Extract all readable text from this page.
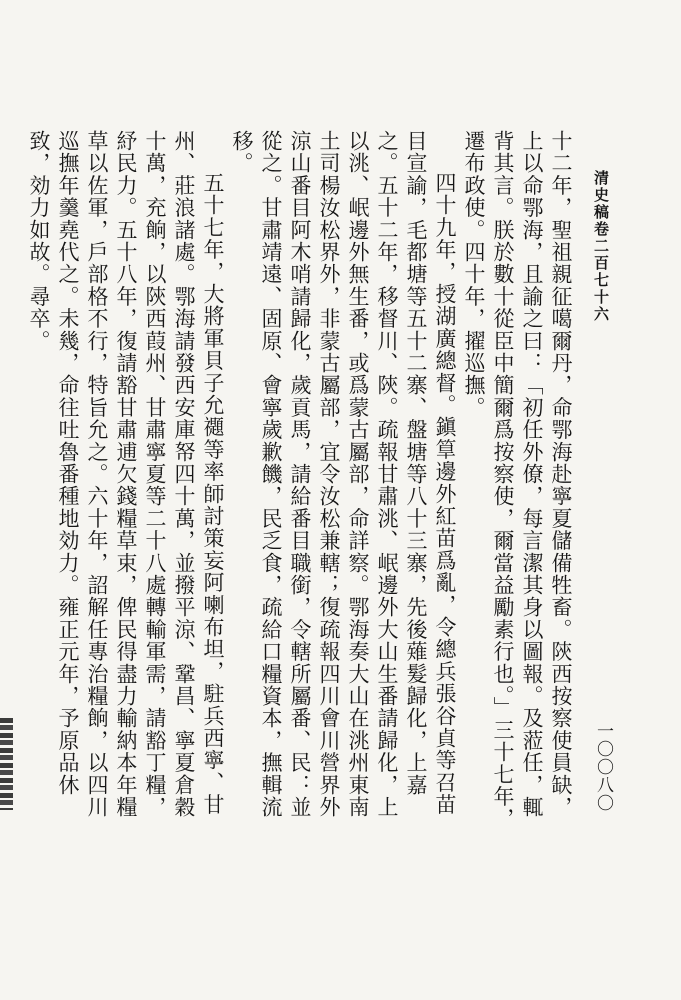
清史稿卷二百七十六
一〇〇八〇

十二年，聖祖親征噶爾丹，命鄂海赴寧夏儲備牲畜。陝西按察使員缺，上以命鄂海，且諭之曰：「初任外僚，每言潔其身以圖報。及蒞任，輒背其言。朕於數十從臣中簡爾爲按察使，爾當益勵素行也。」三十七年，遷布政使。四十年，擢巡撫。

四十九年，授湖廣總督。鎭筸邊外紅苗爲亂，令總兵張谷貞等召苗目宣諭，毛都塘等五十二寨、盤塘等八十三寨，先後薙髮歸化，上嘉之。五十二年，移督川、陝。疏報甘肅洮、岷邊外大山生番請歸化，上以洮、岷邊外無生番，或爲蒙古屬部，命詳察。鄂海奏大山在洮州東南土司楊汝松界外，非蒙古屬部，宜令汝松兼轄；復疏報四川會川營界外涼山番目阿木哨請歸化，歲貢馬，請給番目職銜，令轄所屬番、民：並從之。甘肅靖遠、固原、會寧歲歉饑，民乏食，疏給口糧資本，撫輯流移。

五十七年，大將軍貝子允禵等率師討策妄阿喇布坦，駐兵西寧、甘州、莊浪諸處。鄂海請發西安庫帑四十萬，並撥平涼、鞏昌、寧夏倉穀十萬，充餉，以陝西葭州、甘肅寧夏等二十八處轉輸軍需，請豁丁糧，紓民力。五十八年，復請豁甘肅逋欠錢糧草束，俾民得盡力輸納本年糧草以佐軍，戶部格不行，特旨允之。六十年，詔解任專治糧餉，以四川巡撫年羹堯代之。未幾，命往吐魯番種地効力。雍正元年，予原品休致，効力如故。尋卒。
